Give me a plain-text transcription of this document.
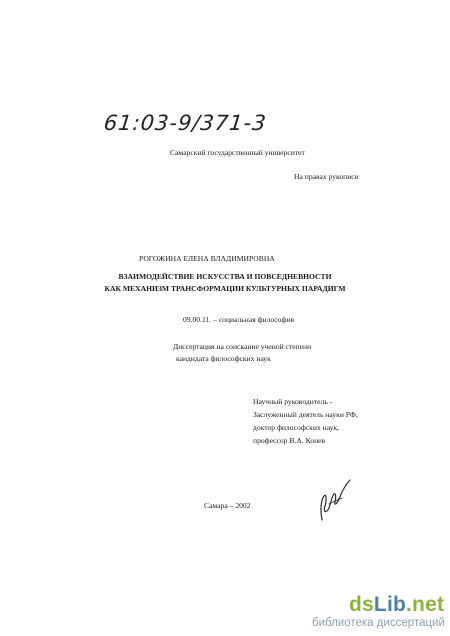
61:03-9/371-3
Самарский государственный университет
На правах рукописи
РОГОЖИНА ЕЛЕНА ВЛАДИМИРОВНА
ВЗАИМОДЕЙСТВИЕ ИСКУССТВА И ПОВСЕДНЕВНОСТИ
КАК МЕХАНИЗМ ТРАНСФОРМАЦИИ КУЛЬТУРНЫХ ПАРАДИГМ
09.00.11. – социальная философия
Диссертация на соискание ученой степени
кандидата философских наук
Научный руководитель -
Заслуженный деятель науки РФ,
доктор философских наук,
профессор В.А. Конев
Самара – 2002
dsLib.net
библиотека диссертаций
